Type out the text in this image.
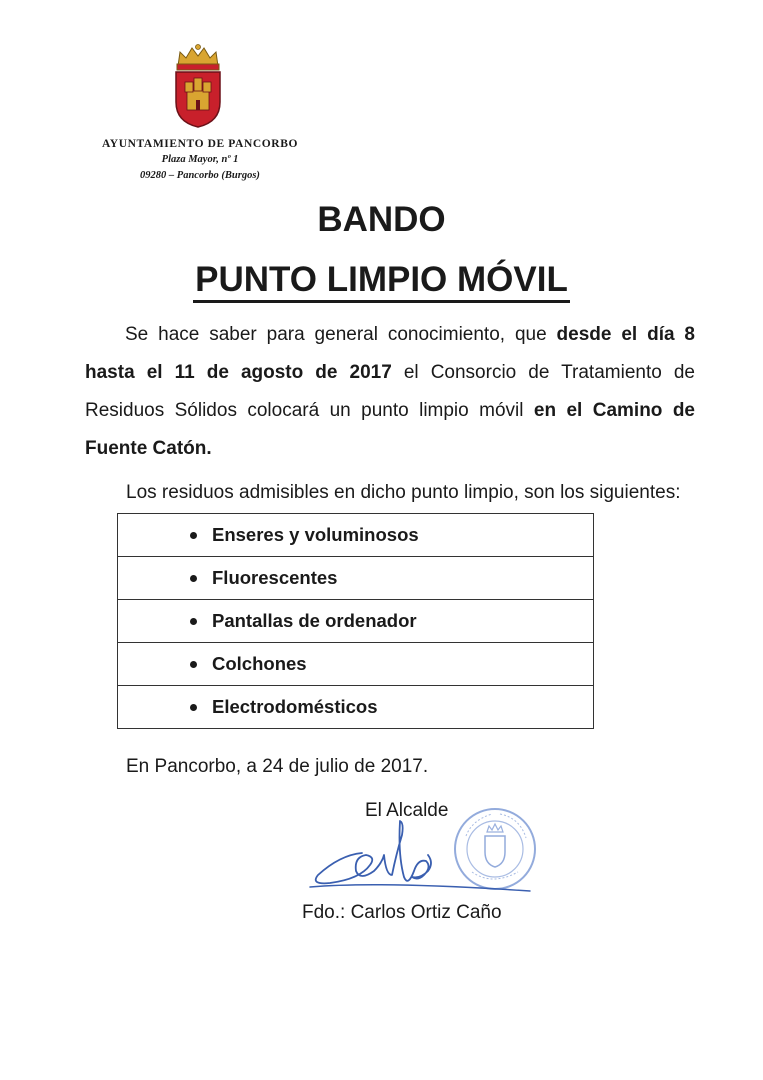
AYUNTAMIENTO DE PANCORBO
Plaza Mayor, nº 1
09280 – Pancorbo (Burgos)
BANDO
PUNTO LIMPIO MÓVIL
Se hace saber para general conocimiento, que desde el día 8 hasta el 11 de agosto de 2017 el Consorcio de Tratamiento de Residuos Sólidos colocará un punto limpio móvil en el Camino de Fuente Catón.
Los residuos admisibles en dicho punto limpio, son los siguientes:
Enseres y voluminosos

Fluorescentes

Pantallas de ordenador

Colchones

Electrodomésticos
En Pancorbo, a 24 de julio de 2017.
El Alcalde
Fdo.: Carlos Ortiz Caño
